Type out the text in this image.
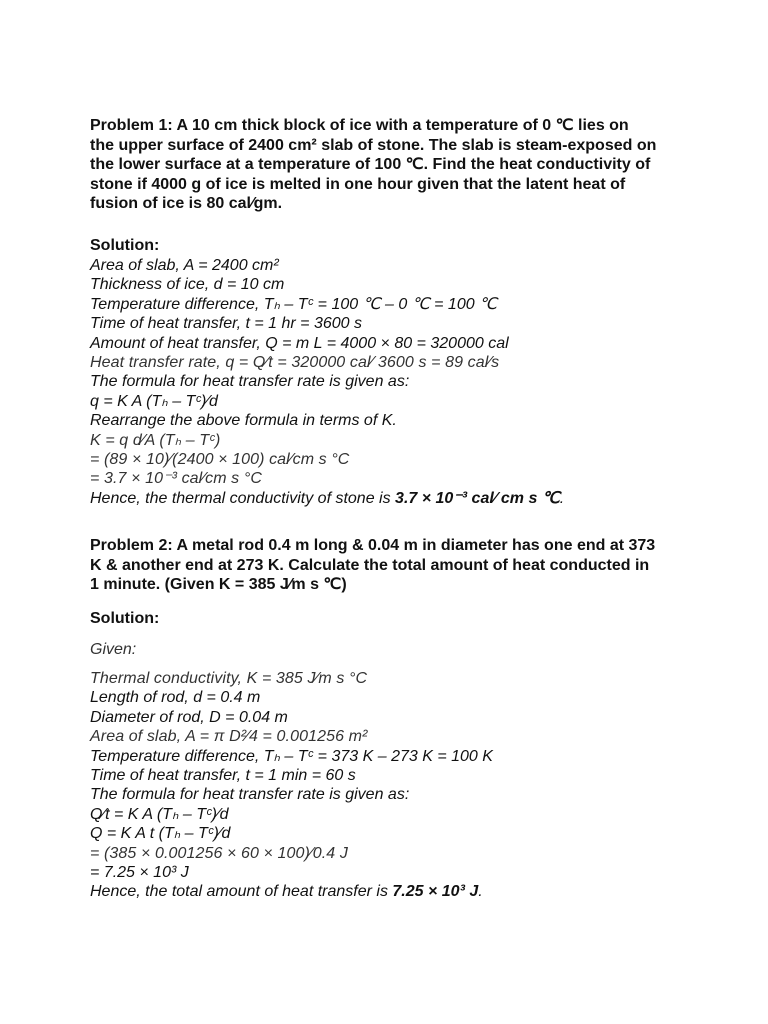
Problem 1: A 10 cm thick block of ice with a temperature of 0 ℃ lies on
the upper surface of 2400 cm² slab of stone. The slab is steam-exposed on
the lower surface at a temperature of 100 ℃. Find the heat conductivity of
stone if 4000 g of ice is melted in one hour given that the latent heat of
fusion of ice is 80 cal∕gm.
Solution:
Area of slab, A = 2400 cm²
Thickness of ice, d = 10 cm
Temperature difference, Tₕ – Tᶜ = 100 ℃ – 0 ℃ = 100 ℃
Time of heat transfer, t = 1 hr = 3600 s
Amount of heat transfer, Q = m L = 4000 × 80 = 320000 cal
Heat transfer rate, q = Q∕t = 320000 cal∕ 3600 s = 89 cal∕s
The formula for heat transfer rate is given as:
q = K A (Tₕ – Tᶜ)∕d
Rearrange the above formula in terms of K.
K = q d∕A (Tₕ – Tᶜ)
= (89 × 10)∕(2400 × 100) cal∕cm s °C
= 3.7 × 10⁻³ cal∕cm s °C
Hence, the thermal conductivity of stone is 3.7 × 10⁻³ cal∕ cm s ℃.
Problem 2: A metal rod 0.4 m long & 0.04 m in diameter has one end at 373
K & another end at 273 K. Calculate the total amount of heat conducted in
1 minute. (Given K = 385 J∕m s ℃)
Solution:
Given:
Thermal conductivity, K = 385 J∕m s °C
Length of rod, d = 0.4 m
Diameter of rod, D = 0.04 m
Area of slab, A = π D²∕4 = 0.001256 m²
Temperature difference, Tₕ – Tᶜ = 373 K – 273 K = 100 K
Time of heat transfer, t = 1 min = 60 s
The formula for heat transfer rate is given as:
Q∕t = K A (Tₕ – Tᶜ)∕d
Q = K A t (Tₕ – Tᶜ)∕d
= (385 × 0.001256 × 60 × 100)∕0.4 J
= 7.25 × 10³ J
Hence, the total amount of heat transfer is 7.25 × 10³ J.
